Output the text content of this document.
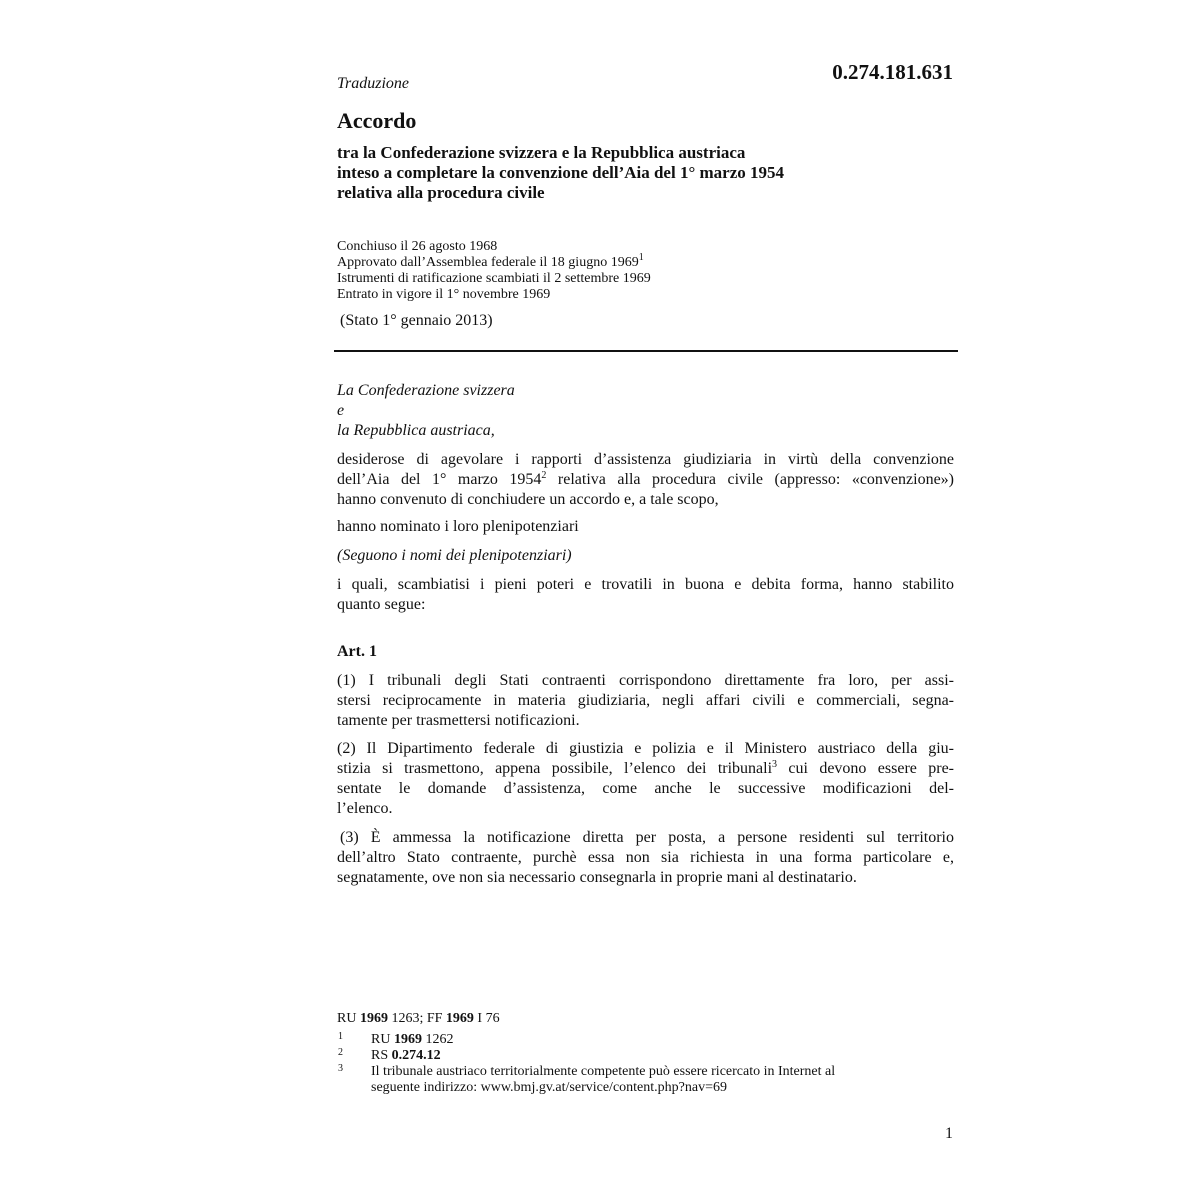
Traduzione	0.274.181.631
Accordo
tra la Confederazione svizzera e la Repubblica austriaca
inteso a completare la convenzione dell’Aia del 1° marzo 1954
relativa alla procedura civile
Conchiuso il 26 agosto 1968
Approvato dall’Assemblea federale il 18 giugno 1969$^1$
Istrumenti di ratificazione scambiati il 2 settembre 1969
Entrato in vigore il 1° novembre 1969
(Stato 1° gennaio 2013)
La Confederazione svizzera
e
la Repubblica austriaca,
desiderose di agevolare i rapporti d’assistenza giudiziaria in virtù della convenzione
dell’Aia del 1° marzo 1954$^2$ relativa alla procedura civile (appresso: «convenzione»)
hanno convenuto di conchiudere un accordo e, a tale scopo,
hanno nominato i loro plenipotenziari
(Seguono i nomi dei plenipotenziari)
i quali, scambiatisi i pieni poteri e trovatili in buona e debita forma, hanno stabilito
quanto segue:
Art. 1
(1) I tribunali degli Stati contraenti corrispondono direttamente fra loro, per assi-
stersi reciprocamente in materia giudiziaria, negli affari civili e commerciali, segna-
tamente per trasmettersi notificazioni.
(2) Il Dipartimento federale di giustizia e polizia e il Ministero austriaco della giu-
stizia si trasmettono, appena possibile, l’elenco dei tribunali$^3$ cui devono essere pre-
sentate le domande d’assistenza, come anche le successive modificazioni del-
l’elenco.
(3) È ammessa la notificazione diretta per posta, a persone residenti sul territorio
dell’altro Stato contraente, purchè essa non sia richiesta in una forma particolare e,
segnatamente, ove non sia necessario consegnarla in proprie mani al destinatario.
RU 1969 1263; FF 1969 I 76
1 RU 1969 1262
2 RS 0.274.12
3 Il tribunale austriaco territorialmente competente può essere ricercato in Internet al
seguente indirizzo: www.bmj.gv.at/service/content.php?nav=69
1
